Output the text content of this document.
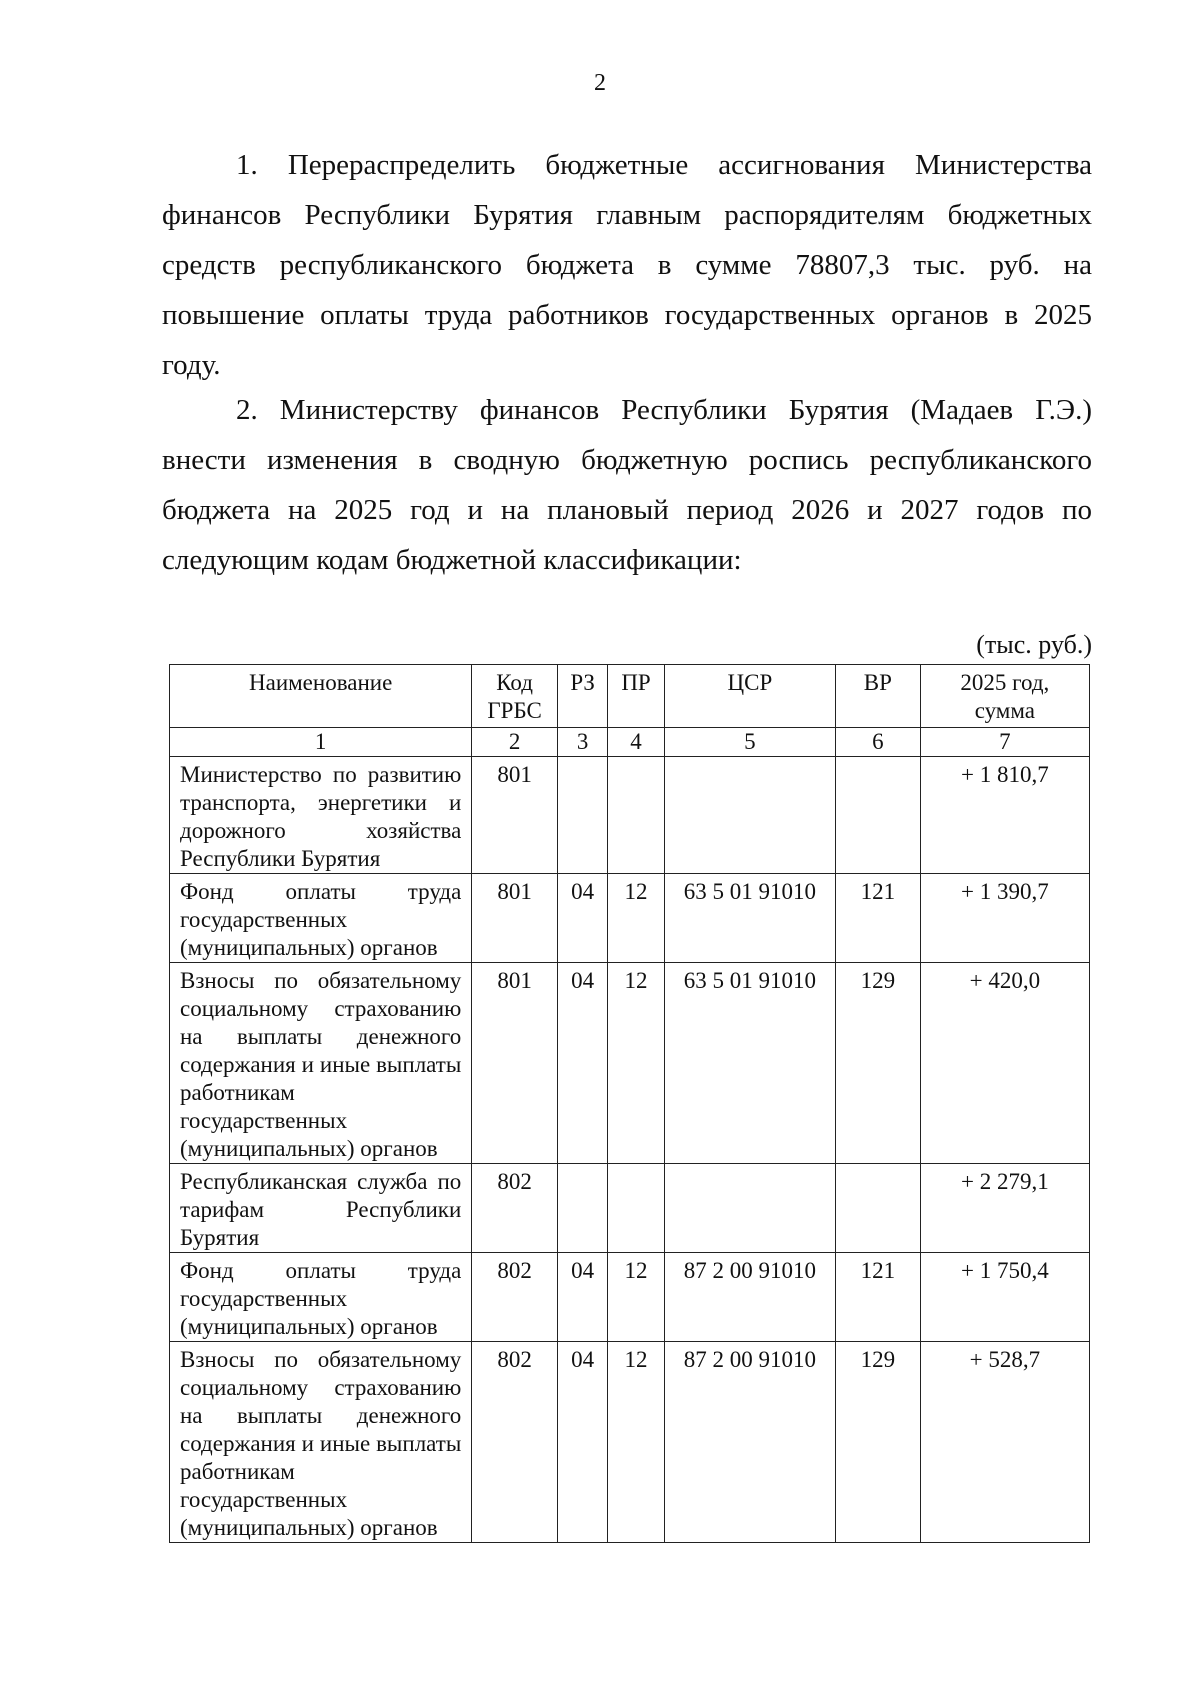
2

1. Перераспределить бюджетные ассигнования Министерства финансов Республики Бурятия главным распорядителям бюджетных средств республиканского бюджета в сумме 78807,3 тыс. руб. на повышение оплаты труда работников государственных органов в 2025 году.

2. Министерству финансов Республики Бурятия (Мадаев Г.Э.) внести изменения в сводную бюджетную роспись республиканского бюджета на 2025 год и на плановый период 2026 и 2027 годов по следующим кодам бюджетной классификации:

(тыс. руб.)
Наименование	Код ГРБС	РЗ	ПР	ЦСР	ВР	2025 год, сумма
1	2	3	4	5	6	7
Министерство по развитию транспорта, энергетики и дорожного хозяйства Республики Бурятия	801					+ 1 810,7
Фонд оплаты труда государственных (муниципальных) органов	801	04	12	63 5 01 91010	121	+ 1 390,7
Взносы по обязательному социальному страхованию на выплаты денежного содержания и иные выплаты работникам государственных (муниципальных) органов	801	04	12	63 5 01 91010	129	+ 420,0
Республиканская служба по тарифам Республики Бурятия	802					+ 2 279,1
Фонд оплаты труда государственных (муниципальных) органов	802	04	12	87 2 00 91010	121	+ 1 750,4
Взносы по обязательному социальному страхованию на выплаты денежного содержания и иные выплаты работникам государственных (муниципальных) органов	802	04	12	87 2 00 91010	129	+ 528,7
